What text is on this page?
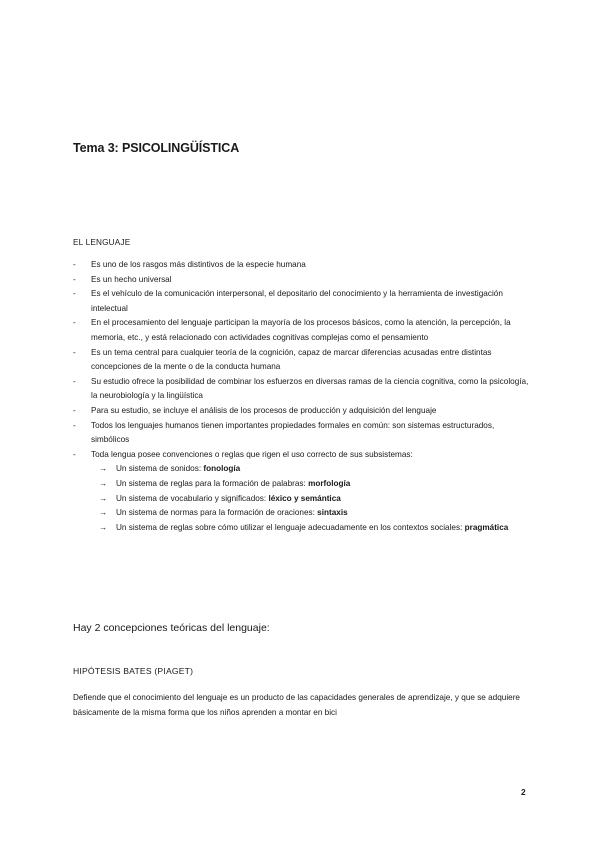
Tema 3: PSICOLINGÜÍSTICA
EL LENGUAJE
- Es uno de los rasgos más distintivos de la especie humana
- Es un hecho universal
- Es el vehículo de la comunicación interpersonal, el depositario del conocimiento y la herramienta de investigación intelectual
- En el procesamiento del lenguaje participan la mayoría de los procesos básicos, como la atención, la percepción, la memoria, etc., y está relacionado con actividades cognitivas complejas como el pensamiento
- Es un tema central para cualquier teoría de la cognición, capaz de marcar diferencias acusadas entre distintas concepciones de la mente o de la conducta humana
- Su estudio ofrece la posibilidad de combinar los esfuerzos en diversas ramas de la ciencia cognitiva, como la psicología, la neurobiología y la lingüística
- Para su estudio, se incluye el análisis de los procesos de producción y adquisición del lenguaje
- Todos los lenguajes humanos tienen importantes propiedades formales en común: son sistemas estructurados, simbólicos
- Toda lengua posee convenciones o reglas que rigen el uso correcto de sus subsistemas:
→ Un sistema de sonidos: fonología
→ Un sistema de reglas para la formación de palabras: morfología
→ Un sistema de vocabulario y significados: léxico y semántica
→ Un sistema de normas para la formación de oraciones: sintaxis
→ Un sistema de reglas sobre cómo utilizar el lenguaje adecuadamente en los contextos sociales: pragmática
Hay 2 concepciones teóricas del lenguaje:
HIPÓTESIS BATES (PIAGET)

Defiende que el conocimiento del lenguaje es un producto de las capacidades generales de aprendizaje, y que se adquiere básicamente de la misma forma que los niños aprenden a montar en bici

2
